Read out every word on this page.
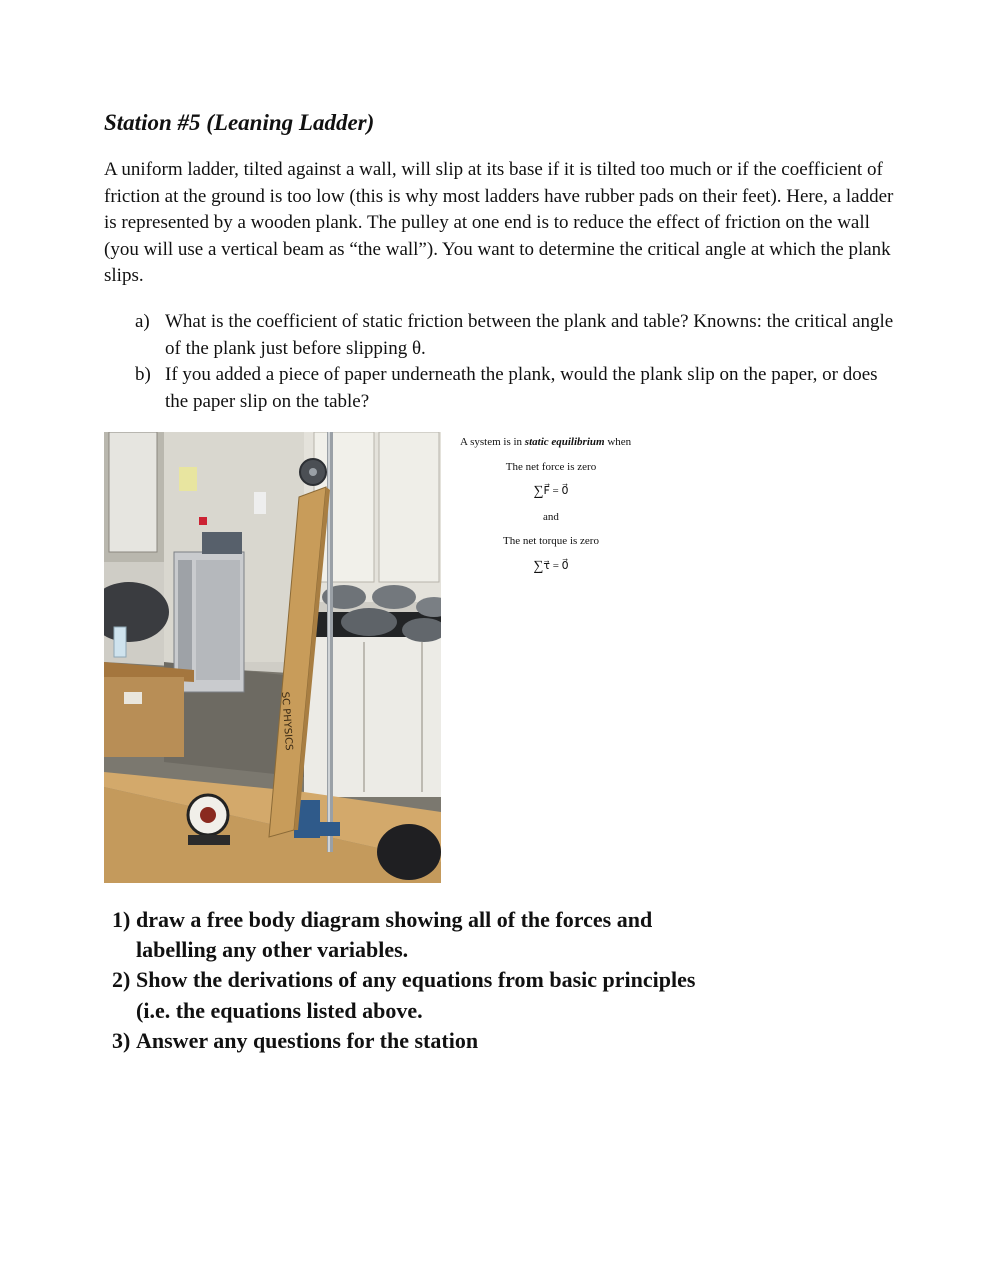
Station #5 (Leaning Ladder)
A uniform ladder, tilted against a wall, will slip at its base if it is tilted too much or if the coefficient of friction at the ground is too low (this is why most ladders have rubber pads on their feet). Here, a ladder is represented by a wooden plank. The pulley at one end is to reduce the effect of friction on the wall (you will use a vertical beam as “the wall”). You want to determine the critical angle at which the plank slips.
a) What is the coefficient of static friction between the plank and table? Knowns: the critical angle of the plank just before slipping θ.
b) If you added a piece of paper underneath the plank, would the plank slip on the paper, or does the paper slip on the table?
SC PHYSICS
A system is in static equilibrium when
The net force is zero
∑F⃗ = 0⃗
and
The net torque is zero
∑τ⃗ = 0⃗
1) draw a free body diagram showing all of the forces and labelling any other variables.
2) Show the derivations of any equations from basic principles (i.e. the equations listed above.
3) Answer any questions for the station
